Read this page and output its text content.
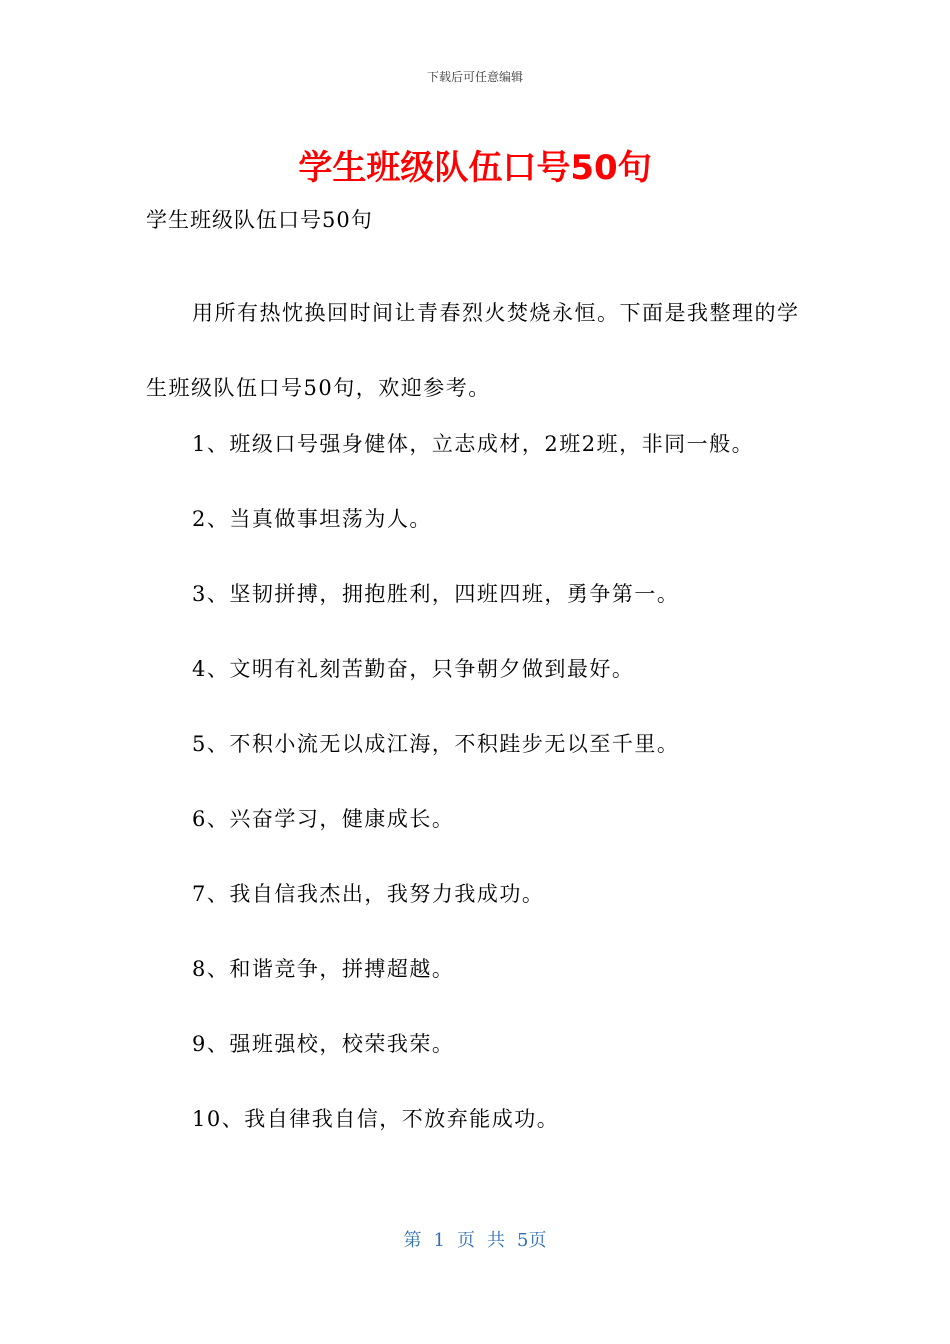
下载后可任意编辑
学生班级队伍口号50句
学生班级队伍口号50句

用所有热忱换回时间让青春烈火焚烧永恒。下面是我整理的学生班级队伍口号50句，欢迎参考。

1、班级口号强身健体，立志成材，2班2班，非同一般。
2、当真做事坦荡为人。
3、坚韧拼搏，拥抱胜利，四班四班，勇争第一。
4、文明有礼刻苦勤奋，只争朝夕做到最好。
5、不积小流无以成江海，不积跬步无以至千里。
6、兴奋学习，健康成长。
7、我自信我杰出，我努力我成功。
8、和谐竞争，拼搏超越。
9、强班强校，校荣我荣。
10、我自律我自信，不放弃能成功。
第 1 页 共 5页
